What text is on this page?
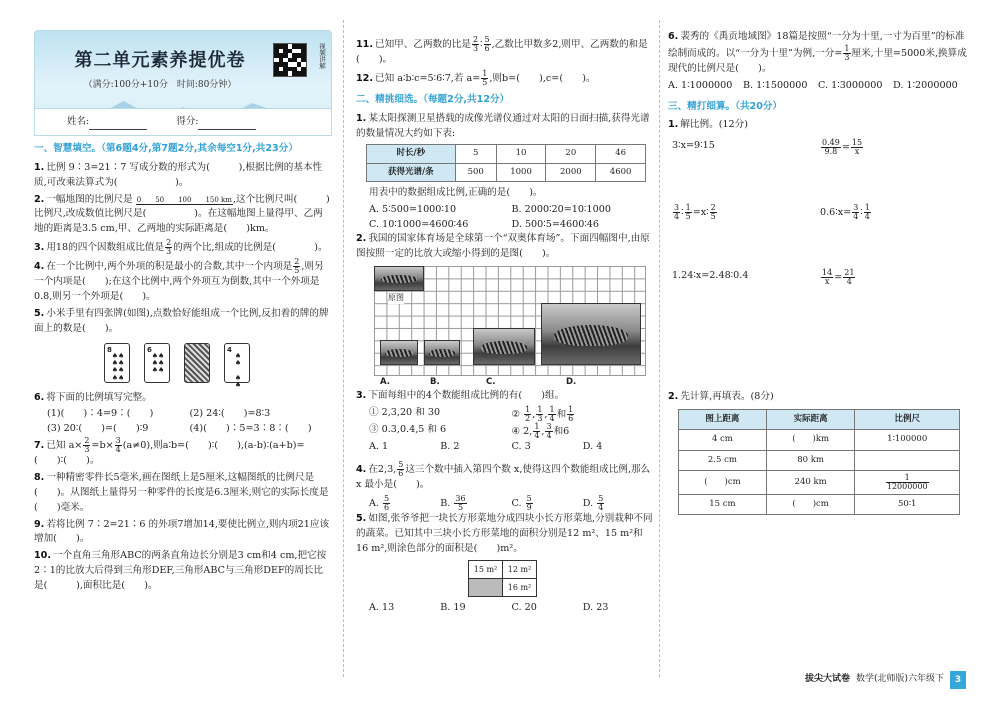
第二单元素养提优卷
（满分:100分+10分　时间:80分钟）
视频讲解
姓名:	得分:
一、智慧填空。（第6题4分,第7题2分,其余每空1分,共23分）
1. 比例 9∶3=21∶7 写成分数的形式为(　　　),根据比例的基本性质,可改乘法算式为(　　　　　　)。
2. 一幅地图的比例尺是 0　　50　　100　　150 km,这个比例尺叫(　　　)比例尺,改成数值比例尺是(　　　　　)。在这幅地图上量得甲、乙两地的距离是3.5 cm,甲、乙两地的实际距离是(　　)km。
3. 用18的四个因数组成比值是 $\frac{2}{3}$ 的两个比,组成的比例是(　　　　)。
4. 在一个比例中,两个外项的积是最小的合数,其中一个内项是 $\frac{2}{5}$ ,则另一个内项是(　　);在这个比例中,两个外项互为倒数,其中一个外项是0.8,则另一个外项是(　　)。
5. 小米手里有四张牌(如图),点数恰好能组成一个比例,反扣着的牌的牌面上的数是(　　)。
8
♠♠
♠♠
♠♠
♠♠
6
♠♠
♠♠
♠♠
4
♠ ♠

♠ ♠
6. 将下面的比例填写完整。
(1)(　　)∶4=9∶(　　)	(2) 24∶(　　)=8∶3
(3) 20∶(　　)=(　　)∶9	(4)(　　)∶5=3∶8∶(　　)
7. 已知 $a\times \frac{2}{3} =b\times \frac{3}{4} (a\ne 0)$,则a∶b=(　　)∶(　　),(a-b)∶(a+b)=(　　)∶(　　)。
8. 一种精密零件长5毫米,画在图纸上是5厘米,这幅图纸的比例尺是(　　)。从图纸上量得另一种零件的长度是6.3厘米,则它的实际长度是(　　)毫米。
9. 若将比例 7∶2=21∶6 的外项7增加14,要使比例立,则内项21应该增加(　　)。
10. 一个直角三角形ABC的两条直角边长分别是3 cm和4 cm,把它按2∶1的比放大后得到三角形DEF,三角形ABC与三角形DEF的周长比是(　　　),面积比是(　　)。
11. 已知甲、乙两数的比是 $\frac{2}{3}$ ∶ $\frac{5}{6}$ ,乙数比甲数多2,则甲、乙两数的和是(　　)。
12. 已知 a∶b∶c=5∶6∶7,若 $a= \frac{1}{5}$ ,则b=(　　),c=(　　)。
二、精挑细选。（每题2分,共12分）
1. 某太阳探测卫星搭载的成像光谱仪通过对太阳的日面扫描,获得光谱的数量情况大约如下表:
时长/秒	5	10	20	46
获得光谱/条	500	1000	2000	4600
用表中的数据组成比例,正确的是(　　)。
A. 5∶500=1000∶10	B. 2000∶20=10∶1000
C. 10∶1000=4600∶46	D. 500∶5=4600∶46
2. 我国的国家体育场是全球第一个“双奥体育场”。下面四幅图中,由原图按照一定的比放大或缩小得到的是图(　　)。
原图
A.	B.	C.	D.
3. 下面每组中的4个数能组成比例的有(　　)组。
① 2,3,20 和 30	② $\frac{1}{2}$ , $\frac{1}{3}$ , $\frac{1}{4}$ 和 $\frac{1}{6}$
③ 0.3,0.4,5 和 6	④ 2, $\frac{1}{4}$ , $\frac{3}{4}$ 和6
A. 1	B. 2	C. 3	D. 4
4. 在2,3, $\frac{5}{6}$ 这三个数中插入第四个数 x,使得这四个数能组成比例,那么 x 最小是(　　)。
A. $\frac{5}{6}$	B. $\frac{36}{5}$	C. $\frac{5}{9}$	D. $\frac{5}{4}$
5. 如图,张爷爷把一块长方形菜地分成四块小长方形菜地,分别栽种不同的蔬菜。已知其中三块小长方形菜地的面积分别是12 m²、15 m²和16 m²,则涂色部分的面积是(　　)m²。
15 m²	12 m²
	16 m²
A. 13	B. 19	C. 20	D. 23
6. 裴秀的《禹贡地域图》18篇是按照“一分为十里,一寸为百里”的标准绘制而成的。以“一分为十里”为例,一分= $\frac{1}{3}$ 厘米,十里=5000米,换算成现代的比例尺是(　　)。
A. 1∶1000000	B. 1∶1500000	C. 1∶3000000	D. 1∶2000000
三、精打细算。（共20分）
1. 解比例。(12分)
3∶x=9∶15	$\frac{0.49}{9.8} = \frac{15}{x}$
$\frac{3}{4}$ ∶ $\frac{1}{5}$ =x∶ $\frac{2}{5}$	0.6∶x= $\frac{3}{4}$ ∶ $\frac{1}{4}$
1.24∶x=2.48∶0.4	$\frac{14}{x} = \frac{21}{4}$
2. 先计算,再填表。(8分)
图上距离	实际距离	比例尺
4 cm	(　　)km	1∶100000
2.5 cm	80 km	
(　　)cm	240 km	$\frac{1}{12000000}$

15 cm	(　　)cm	50∶1
拔尖大试卷 数学(北师版)六年级下	3
